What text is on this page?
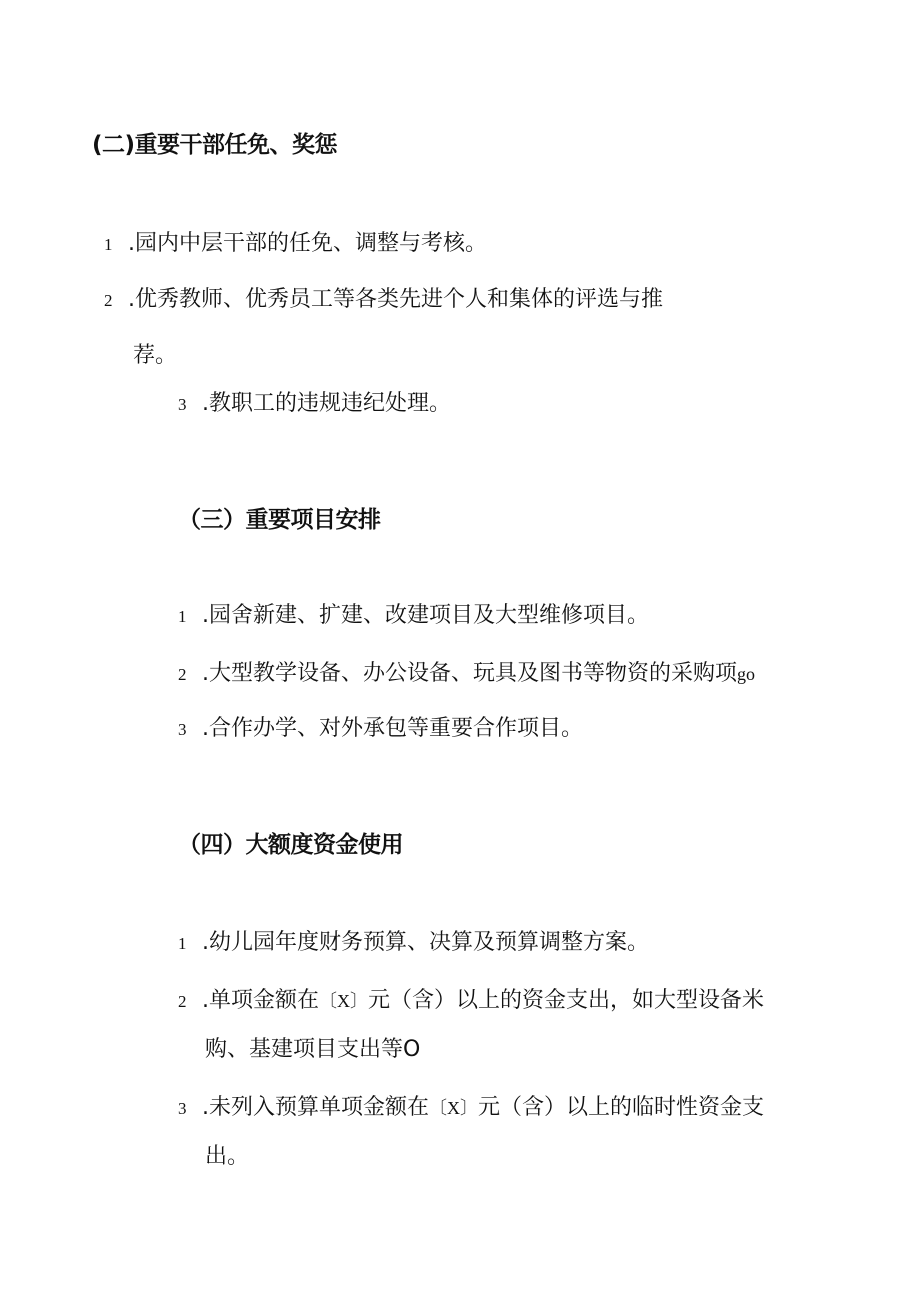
(二)重要干部任免、奖惩
1 .园内中层干部的任免、调整与考核。
2 .优秀教师、优秀员工等各类先进个人和集体的评选与推
荐。
3 .教职工的违规违纪处理。
（三）重要项目安排
1 .园舍新建、扩建、改建项目及大型维修项目。
2 .大型教学设备、办公设备、玩具及图书等物资的采购项go
3 .合作办学、对外承包等重要合作项目。
（四）大额度资金使用
1 .幼儿园年度财务预算、决算及预算调整方案。
2 .单项金额在〔X〕元（含）以上的资金支出，如大型设备米
购、基建项目支出等O
3 .未列入预算单项金额在〔X〕元（含）以上的临时性资金支
出。
